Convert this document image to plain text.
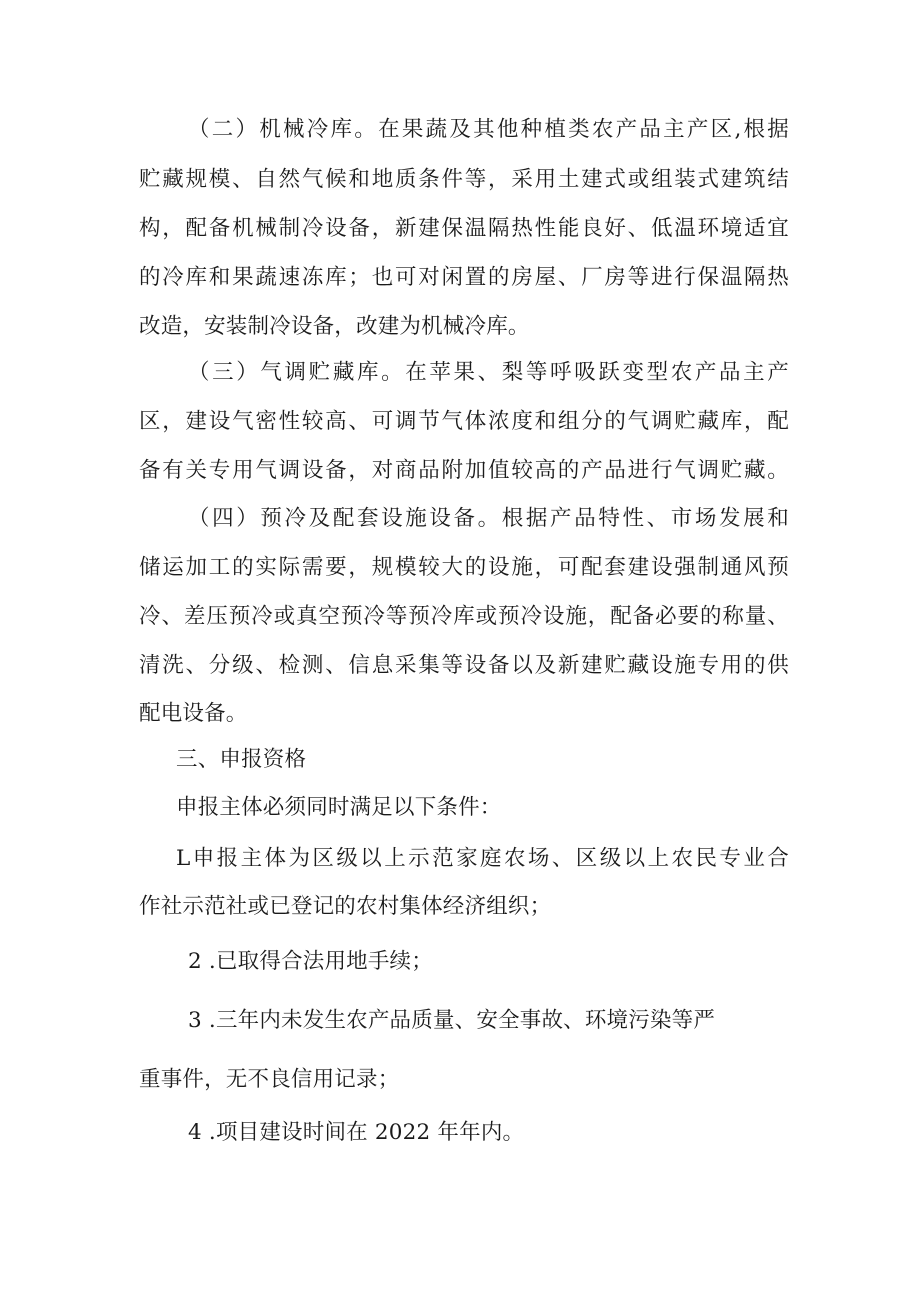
（二）机械冷库。在果蔬及其他种植类农产品主产区,根据
贮藏规模、自然气候和地质条件等，采用土建式或组装式建筑结
构，配备机械制冷设备，新建保温隔热性能良好、低温环境适宜
的冷库和果蔬速冻库；也可对闲置的房屋、厂房等进行保温隔热
改造，安装制冷设备，改建为机械冷库。
（三）气调贮藏库。在苹果、梨等呼吸跃变型农产品主产
区，建设气密性较高、可调节气体浓度和组分的气调贮藏库，配
备有关专用气调设备，对商品附加值较高的产品进行气调贮藏。
（四）预冷及配套设施设备。根据产品特性、市场发展和
储运加工的实际需要，规模较大的设施，可配套建设强制通风预
冷、差压预冷或真空预冷等预冷库或预冷设施，配备必要的称量、
清洗、分级、检测、信息采集等设备以及新建贮藏设施专用的供
配电设备。
三、申报资格
申报主体必须同时满足以下条件：
L申报主体为区级以上示范家庭农场、区级以上农民专业合
作社示范社或已登记的农村集体经济组织；
2 .已取得合法用地手续；
3 .三年内未发生农产品质量、安全事故、环境污染等严
重事件，无不良信用记录；
4 .项目建设时间在 2022 年年内。
